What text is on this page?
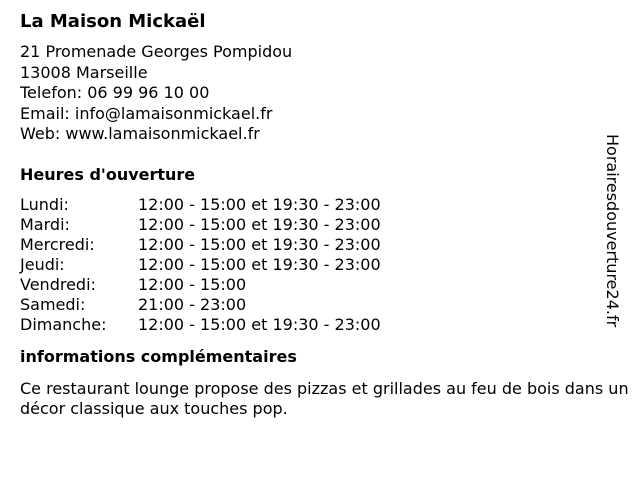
La Maison Mickaël
21 Promenade Georges Pompidou
13008 Marseille
Telefon: 06 99 96 10 00
Email: info@lamaisonmickael.fr
Web: www.lamaisonmickael.fr
Heures d'ouverture
Lundi:	12:00 - 15:00 et 19:30 - 23:00
Mardi:	12:00 - 15:00 et 19:30 - 23:00
Mercredi:	12:00 - 15:00 et 19:30 - 23:00
Jeudi:	12:00 - 15:00 et 19:30 - 23:00
Vendredi:	12:00 - 15:00
Samedi:	21:00 - 23:00
Dimanche:	12:00 - 15:00 et 19:30 - 23:00
informations complémentaires
Ce restaurant lounge propose des pizzas et grillades au feu de bois dans un décor classique aux touches pop.
Horairesdouverture24.fr
